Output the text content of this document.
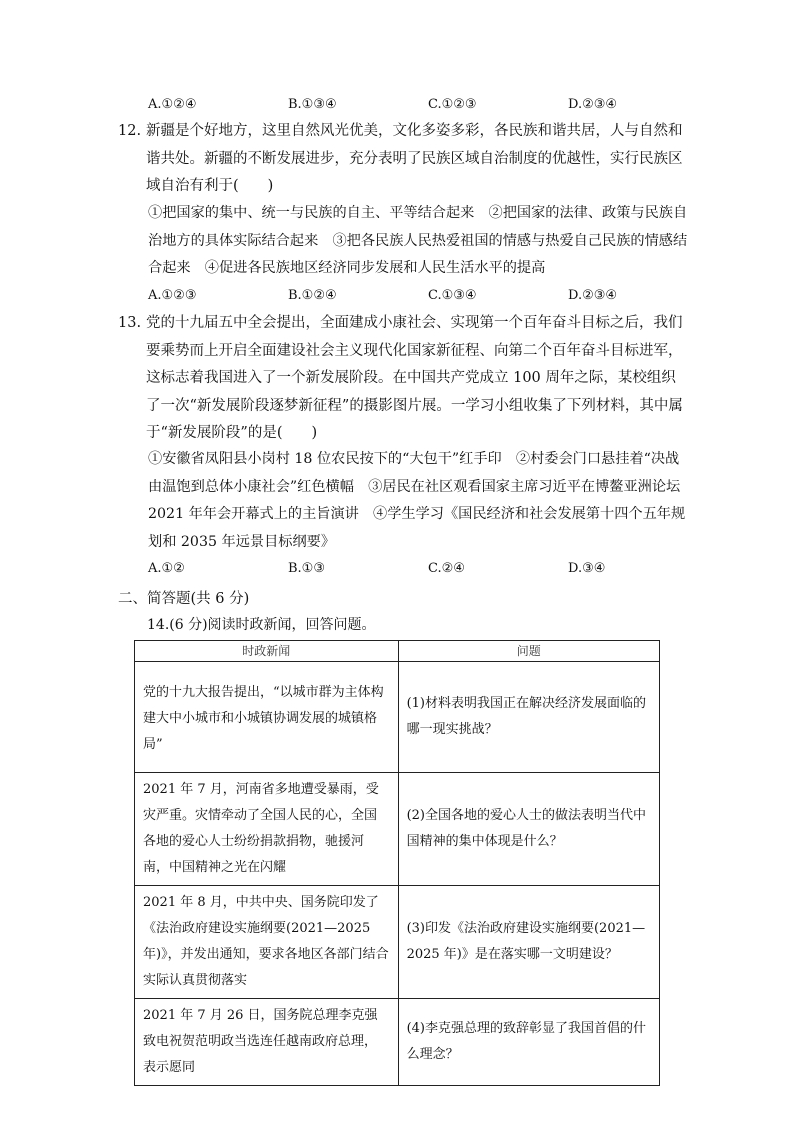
A.①②④	B.①③④	C.①②③	D.②③④
12. 新疆是个好地方，这里自然风光优美，文化多姿多彩，各民族和谐共居，人与自然和谐共处。新疆的不断发展进步，充分表明了民族区域自治制度的优越性，实行民族区域自治有利于(　　)
①把国家的集中、统一与民族的自主、平等结合起来　②把国家的法律、政策与民族自治地方的具体实际结合起来　③把各民族人民热爱祖国的情感与热爱自己民族的情感结合起来　④促进各民族地区经济同步发展和人民生活水平的提高
A.①②③	B.①②④	C.①③④	D.②③④
13. 党的十九届五中全会提出，全面建成小康社会、实现第一个百年奋斗目标之后，我们要乘势而上开启全面建设社会主义现代化国家新征程、向第二个百年奋斗目标进军，这标志着我国进入了一个新发展阶段。在中国共产党成立 100 周年之际，某校组织了一次“新发展阶段逐梦新征程”的摄影图片展。一学习小组收集了下列材料，其中属于“新发展阶段”的是(　　)
①安徽省凤阳县小岗村 18 位农民按下的“大包干”红手印　②村委会门口悬挂着“决战由温饱到总体小康社会”红色横幅　③居民在社区观看国家主席习近平在博鳌亚洲论坛 2021 年年会开幕式上的主旨演讲　④学生学习《国民经济和社会发展第十四个五年规划和 2035 年远景目标纲要》
A.①②	B.①③	C.②④	D.③④
二、简答题(共 6 分)
14.(6 分)阅读时政新闻，回答问题。
时政新闻	问题
党的十九大报告提出，“以城市群为主体构建大中小城市和小城镇协调发展的城镇格局”	(1)材料表明我国正在解决经济发展面临的哪一现实挑战？
2021 年 7 月，河南省多地遭受暴雨，受灾严重。灾情牵动了全国人民的心，全国各地的爱心人士纷纷捐款捐物，驰援河南，中国精神之光在闪耀	(2)全国各地的爱心人士的做法表明当代中国精神的集中体现是什么？
2021 年 8 月，中共中央、国务院印发了《法治政府建设实施纲要(2021—2025 年)》，并发出通知，要求各地区各部门结合实际认真贯彻落实	(3)印发《法治政府建设实施纲要(2021—2025 年)》是在落实哪一文明建设？
2021 年 7 月 26 日，国务院总理李克强致电祝贺范明政当选连任越南政府总理，表示愿同	(4)李克强总理的致辞彰显了我国首倡的什么理念？
